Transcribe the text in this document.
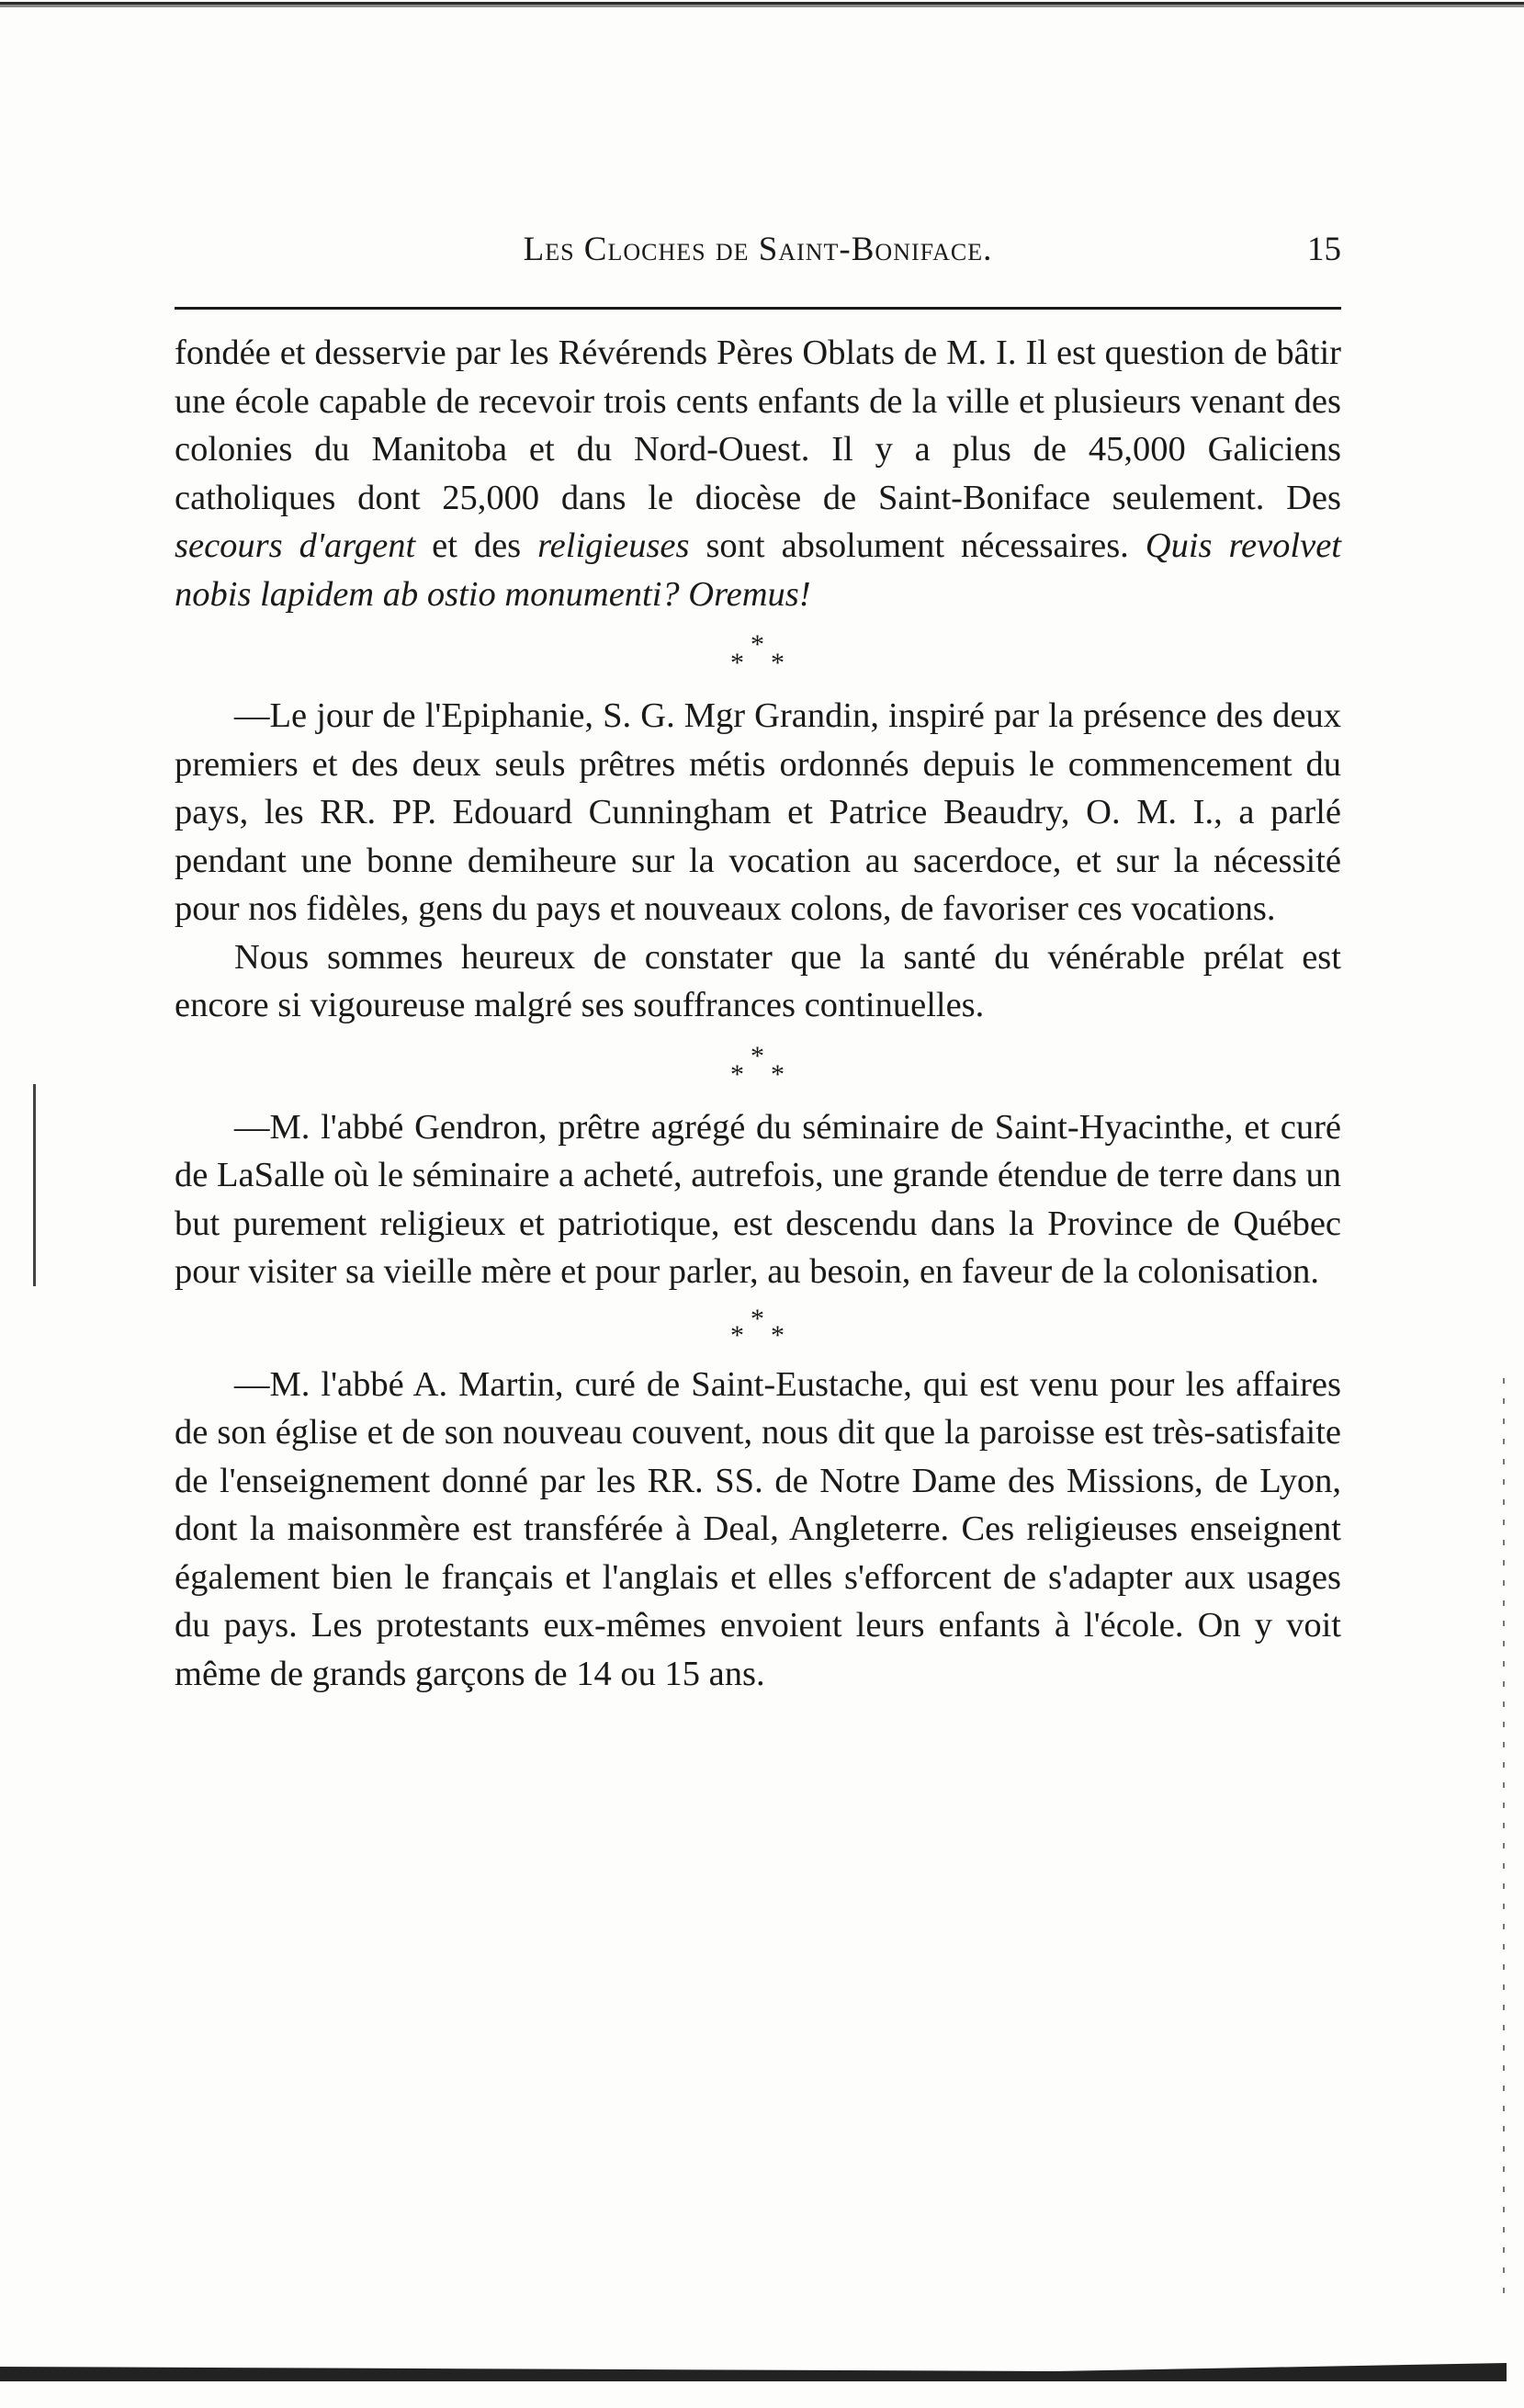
Les Cloches de Saint-Boniface.	15

fondée et desservie par les Révérends Pères Oblats de M. I. Il est question de bâtir une école capable de recevoir trois cents enfants de la ville et plusieurs venant des colonies du Manitoba et du Nord-Ouest. Il y a plus de 45,000 Galiciens catholiques dont 25,000 dans le diocèse de Saint-Boniface seulement. Des secours d'argent et des religieuses sont absolument nécessaires. Quis revolvet nobis lapidem ab ostio monumenti? Oremus!

*
* *

—Le jour de l'Epiphanie, S. G. Mgr Grandin, inspiré par la présence des deux premiers et des deux seuls prêtres métis ordonnés depuis le commencement du pays, les RR. PP. Edouard Cunningham et Patrice Beaudry, O. M. I., a parlé pendant une bonne demiheure sur la vocation au sacerdoce, et sur la nécessité pour nos fidèles, gens du pays et nouveaux colons, de favoriser ces vocations.

Nous sommes heureux de constater que la santé du vénérable prélat est encore si vigoureuse malgré ses souffrances continuelles.

*
* *

—M. l'abbé Gendron, prêtre agrégé du séminaire de Saint-Hyacinthe, et curé de LaSalle où le séminaire a acheté, autrefois, une grande étendue de terre dans un but purement religieux et patriotique, est descendu dans la Province de Québec pour visiter sa vieille mère et pour parler, au besoin, en faveur de la colonisation.

*
* *

—M. l'abbé A. Martin, curé de Saint-Eustache, qui est venu pour les affaires de son église et de son nouveau couvent, nous dit que la paroisse est très-satisfaite de l'enseignement donné par les RR. SS. de Notre Dame des Missions, de Lyon, dont la maisonmère est transférée à Deal, Angleterre. Ces religieuses enseignent également bien le français et l'anglais et elles s'efforcent de s'adapter aux usages du pays. Les protestants eux-mêmes envoient leurs enfants à l'école. On y voit même de grands garçons de 14 ou 15 ans.
